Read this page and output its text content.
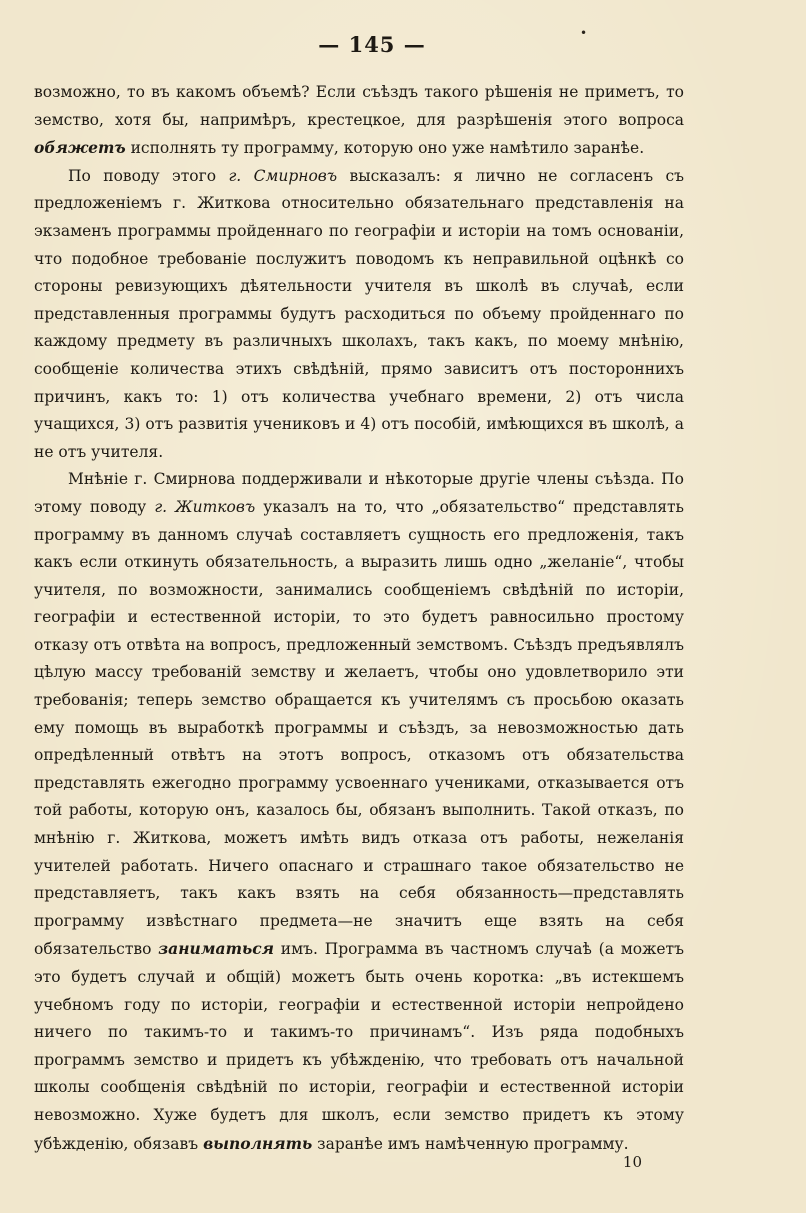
— 145 —	•

возможно, то въ какомъ объемѣ? Если съѣздъ такого рѣшенія не приметъ, то земство, хотя бы, напримѣръ, крестецкое, для разрѣшенія этого вопроса обяжетъ исполнять ту программу, которую оно уже намѣтило заранѣе.

По поводу этого г. Смирновъ высказалъ: я лично не согласенъ съ предложеніемъ г. Житкова относительно обязательнаго представленія на экзаменъ программы пройденнаго по географіи и исторіи на томъ основаніи, что подобное требованіе послужитъ поводомъ къ неправильной оцѣнкѣ со стороны ревизующихъ дѣятельности учителя въ школѣ въ случаѣ, если представленныя программы будутъ расходиться по объему пройденнаго по каждому предмету въ различныхъ школахъ, такъ какъ, по моему мнѣнію, сообщеніе количества этихъ свѣдѣній, прямо зависитъ отъ постороннихъ причинъ, какъ то: 1) отъ количества учебнаго времени, 2) отъ числа учащихся, 3) отъ развитія учениковъ и 4) отъ пособій, имѣющихся въ школѣ, а не отъ учителя.

Мнѣніе г. Смирнова поддерживали и нѣкоторые другіе члены съѣзда. По этому поводу г. Житковъ указалъ на то, что „обязательство“ представлять программу въ данномъ случаѣ составляетъ сущность его предложенія, такъ какъ если откинуть обязательность, а выразить лишь одно „желаніе“, чтобы учителя, по возможности, занимались сообщеніемъ свѣдѣній по исторіи, географіи и естественной исторіи, то это будетъ равносильно простому отказу отъ отвѣта на вопросъ, предложенный земствомъ. Съѣздъ предъявлялъ цѣлую массу требованій земству и желаетъ, чтобы оно удовлетворило эти требованія; теперь земство обращается къ учителямъ съ просьбою оказать ему помощь въ выработкѣ программы и съѣздъ, за невозможностью дать опредѣленный отвѣтъ на этотъ вопросъ, отказомъ отъ обязательства представлять ежегодно программу усвоеннаго учениками, отказывается отъ той работы, которую онъ, казалось бы, обязанъ выполнить. Такой отказъ, по мнѣнію г. Житкова, можетъ имѣть видъ отказа отъ работы, нежеланія учителей работать. Ничего опаснаго и страшнаго такое обязательство не представляетъ, такъ какъ взять на себя обязанность—представлять программу извѣстнаго предмета—не значитъ еще взять на себя обязательство заниматься имъ. Программа въ частномъ случаѣ (а можетъ это будетъ случай и общій) можетъ быть очень коротка: „въ истекшемъ учебномъ году по исторіи, географіи и естественной исторіи непройдено ничего по такимъ-то и такимъ-то причинамъ“. Изъ ряда подобныхъ программъ земство и придетъ къ убѣжденію, что требовать отъ начальной школы сообщенія свѣдѣній по исторіи, географіи и естественной исторіи невозможно. Хуже будетъ для школъ, если земство придетъ къ этому убѣжденію, обязавъ выполнять заранѣе имъ намѣченную программу.

10
